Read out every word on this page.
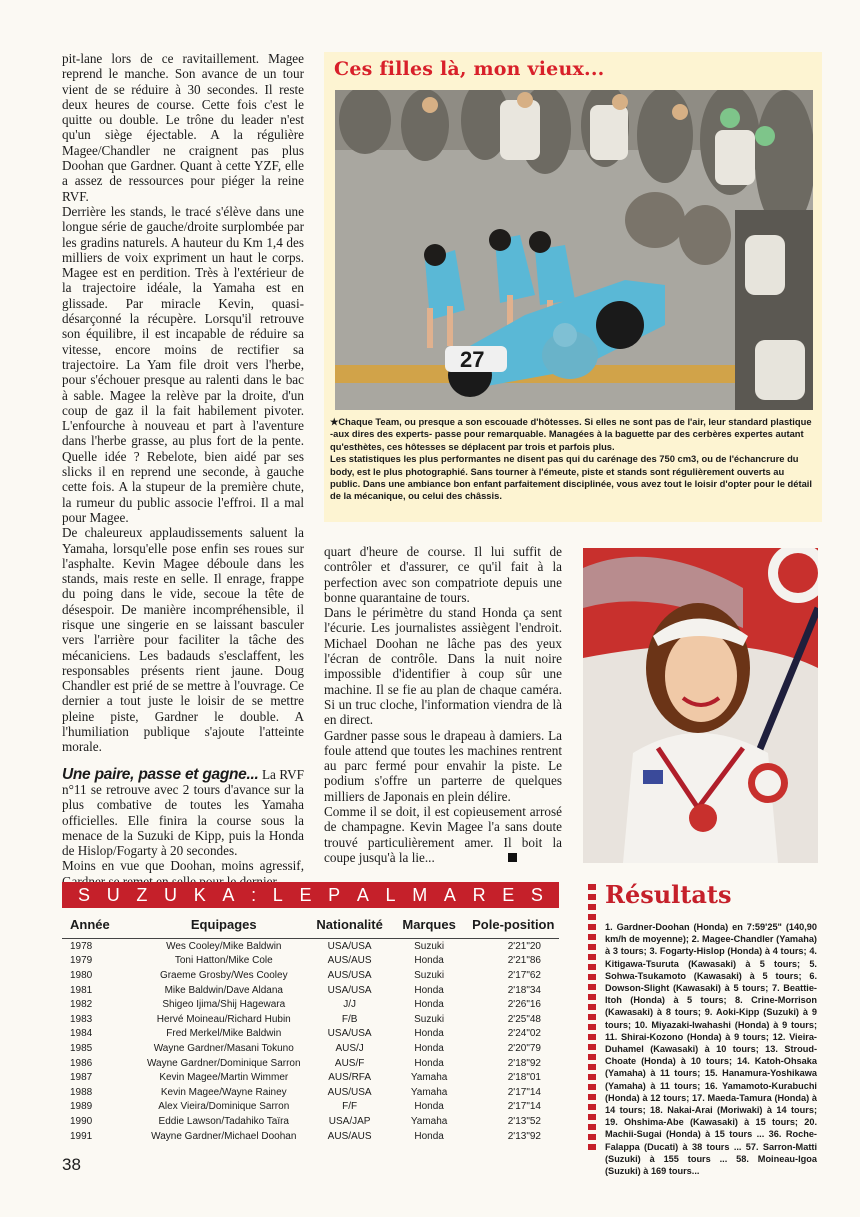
pit-lane lors de ce ravitaillement. Magee reprend le manche. Son avance de un tour vient de se réduire à 30 secondes. Il reste deux heures de course. Cette fois c'est le quitte ou double. Le trône du leader n'est qu'un siège éjectable. A la régulière Magee/Chandler ne craignent pas plus Doohan que Gardner. Quant à cette YZF, elle a assez de ressources pour piéger la reine RVF.

Derrière les stands, le tracé s'élève dans une longue série de gauche/droite surplombée par les gradins naturels. A hauteur du Km 1,4 des milliers de voix expriment un haut le corps. Magee est en perdition. Très à l'extérieur de la trajectoire idéale, la Yamaha est en glissade. Par miracle Kevin, quasi-désarçonné la récupère. Lorsqu'il retrouve son équilibre, il est incapable de réduire sa vitesse, encore moins de rectifier sa trajectoire. La Yam file droit vers l'herbe, pour s'échouer presque au ralenti dans le bac à sable. Magee la relève par la droite, d'un coup de gaz il la fait habilement pivoter. L'enfourche à nouveau et part à l'aventure dans l'herbe grasse, au plus fort de la pente. Quelle idée ? Rebelote, bien aidé par ses slicks il en reprend une seconde, à gauche cette fois. A la stupeur de la première chute, la rumeur du public associe l'effroi. Il a mal pour Magee.

De chaleureux applaudissements saluent la Yamaha, lorsqu'elle pose enfin ses roues sur l'asphalte. Kevin Magee déboule dans les stands, mais reste en selle. Il enrage, frappe du poing dans le vide, secoue la tête de désespoir. De manière incompréhensible, il risque une singerie en se laissant basculer vers l'arrière pour faciliter la tâche des mécaniciens. Les badauds s'esclaffent, les responsables présents rient jaune. Doug Chandler est prié de se mettre à l'ouvrage. Ce dernier a tout juste le loisir de se mettre pleine piste, Gardner le double. A l'humiliation publique s'ajoute l'atteinte morale.

Une paire, passe et gagne... La RVF n°11 se retrouve avec 2 tours d'avance sur la plus combative de toutes les Yamaha officielles. Elle finira la course sous la menace de la Suzuki de Kipp, puis la Honda de Hislop/Fogarty à 20 secondes.

Moins en vue que Doohan, moins agressif,

quart d'heure de course. Il lui suffit de contrôler et d'assurer, ce qu'il fait à la perfection avec son compatriote depuis une bonne quarantaine de tours.

Dans le périmètre du stand Honda ça sent l'écurie. Les journalistes assiègent l'endroit. Michael Doohan ne lâche pas des yeux l'écran de contrôle. Dans la nuit noire impossible d'identifier à coup sûr une machine. Il se fie au plan de chaque caméra. Si un truc cloche, l'information viendra de là en direct.

Gardner passe sous le drapeau à damiers. La foule attend que toutes les machines rentrent au parc fermé pour envahir la piste. Le podium s'offre un parterre de quelques milliers de Japonais en plein délire.

Comme il se doit, il est copieusement arrosé de champagne. Kevin Magee l'a sans doute trouvé particulièrement amer. Il boit la coupe jusqu'à la lie...

Ces filles là, mon vieux...
27
★Chaque Team, ou presque a son escouade d'hôtesses. Si elles ne sont pas de l'air, leur standard plastique -aux dires des experts- passe pour remarquable. Managées à la baguette par des cerbères expertes autant qu'esthètes, ces hôtesses se déplacent par trois et parfois plus.
Les statistiques les plus performantes ne disent pas qui du carénage des 750 cm3, ou de l'échancrure du body, est le plus photographié. Sans tourner à l'émeute, piste et stands sont régulièrement ouverts au public. Dans une ambiance bon enfant parfaitement disciplinée, vous avez tout le loisir d'opter pour le détail de la mécanique, ou celui des châssis.
S U Z U K A : L E P A L M A R E S
Année	Equipages	Nationalité	Marques	Pole-position
1978	Wes Cooley/Mike Baldwin	USA/USA	Suzuki	2'21"20
1979	Toni Hatton/Mike Cole	AUS/AUS	Honda	2'21"86
1980	Graeme Grosby/Wes Cooley	AUS/USA	Suzuki	2'17"62
1981	Mike Baldwin/Dave Aldana	USA/USA	Honda	2'18"34
1982	Shigeo Ijima/Shij Hagewara	J/J	Honda	2'26"16
1983	Hervé Moineau/Richard Hubin	F/B	Suzuki	2'25"48
1984	Fred Merkel/Mike Baldwin	USA/USA	Honda	2'24"02
1985	Wayne Gardner/Masani Tokuno	AUS/J	Honda	2'20"79
1986	Wayne Gardner/Dominique Sarron	AUS/F	Honda	2'18"92
1987	Kevin Magee/Martin Wimmer	AUS/RFA	Yamaha	2'18"01
1988	Kevin Magee/Wayne Rainey	AUS/USA	Yamaha	2'17"14
1989	Alex Vieira/Dominique Sarron	F/F	Honda	2'17"14
1990	Eddie Lawson/Tadahiko Taïra	USA/JAP	Yamaha	2'13"52
1991	Wayne Gardner/Michael Doohan	AUS/AUS	Honda	2'13"92
Résultats
1. Gardner-Doohan (Honda) en 7:59'25" (140,90 km/h de moyenne); 2. Magee-Chandler (Yamaha) à 3 tours; 3. Fogarty-Hislop (Honda) à 4 tours; 4. Kitigawa-Tsuruta (Kawasaki) à 5 tours; 5. Sohwa-Tsukamoto (Kawasaki) à 5 tours; 6. Dowson-Slight (Kawasaki) à 5 tours; 7. Beattie-Itoh (Honda) à 5 tours; 8. Crine-Morrison (Kawasaki) à 8 tours; 9. Aoki-Kipp (Suzuki) à 9 tours; 10. Miyazaki-Iwahashi (Honda) à 9 tours; 11. Shirai-Kozono (Honda) à 9 tours; 12. Vieira-Duhamel (Kawasaki) à 10 tours; 13. Stroud-Choate (Honda) à 10 tours; 14. Katoh-Ohsaka (Yamaha) à 11 tours; 15. Hanamura-Yoshikawa (Yamaha) à 11 tours; 16. Yamamoto-Kurabuchi (Honda) à 12 tours; 17. Maeda-Tamura (Honda) à 14 tours; 18. Nakai-Arai (Moriwaki) à 14 tours; 19. Ohshima-Abe (Kawasaki) à 15 tours; 20. Machii-Sugai (Honda) à 15 tours ... 36. Roche-Falappa (Ducati) à 38 tours ... 57. Sarron-Matti (Suzuki) à 155 tours ... 58. Moineau-Igoa (Suzuki) à 169 tours...
38
